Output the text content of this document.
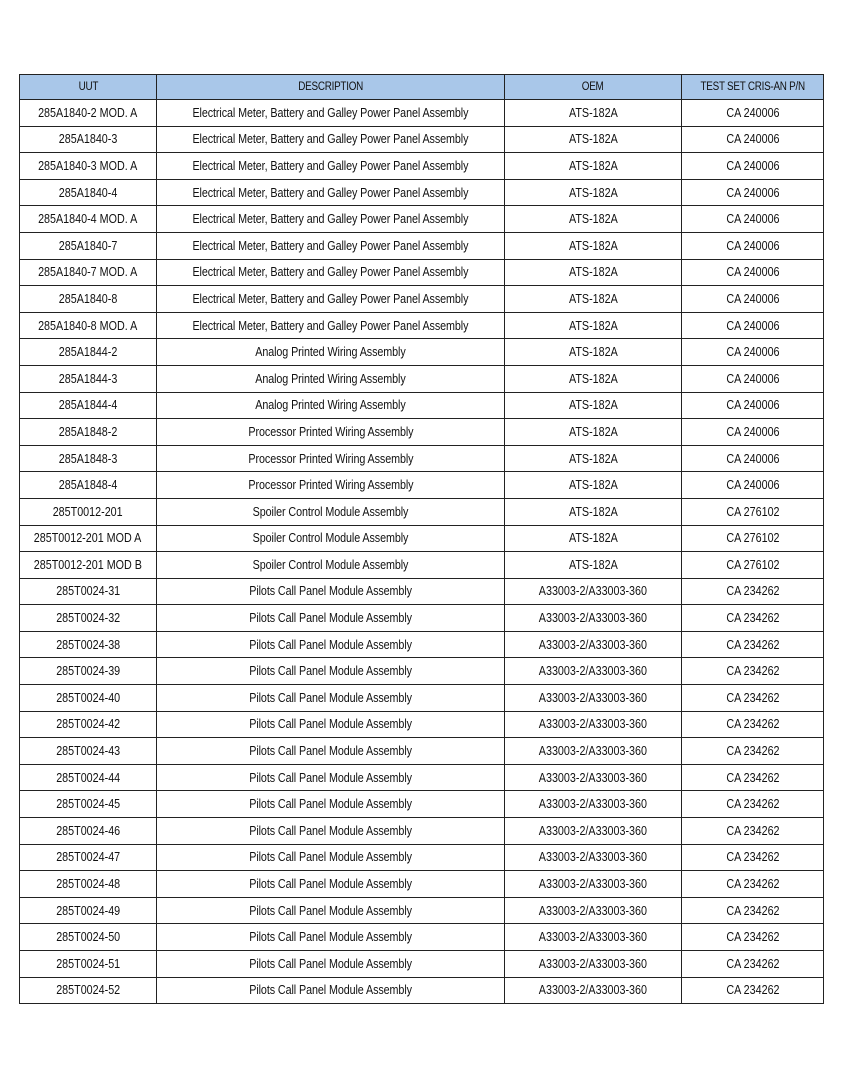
UUT	DESCRIPTION	OEM	TEST SET CRIS-AN P/N
285A1840-2 MOD. A	Electrical Meter, Battery and Galley Power Panel Assembly	ATS-182A	CA 240006
285A1840-3	Electrical Meter, Battery and Galley Power Panel Assembly	ATS-182A	CA 240006
285A1840-3 MOD. A	Electrical Meter, Battery and Galley Power Panel Assembly	ATS-182A	CA 240006
285A1840-4	Electrical Meter, Battery and Galley Power Panel Assembly	ATS-182A	CA 240006
285A1840-4 MOD. A	Electrical Meter, Battery and Galley Power Panel Assembly	ATS-182A	CA 240006
285A1840-7	Electrical Meter, Battery and Galley Power Panel Assembly	ATS-182A	CA 240006
285A1840-7 MOD. A	Electrical Meter, Battery and Galley Power Panel Assembly	ATS-182A	CA 240006
285A1840-8	Electrical Meter, Battery and Galley Power Panel Assembly	ATS-182A	CA 240006
285A1840-8 MOD. A	Electrical Meter, Battery and Galley Power Panel Assembly	ATS-182A	CA 240006
285A1844-2	Analog Printed Wiring Assembly	ATS-182A	CA 240006
285A1844-3	Analog Printed Wiring Assembly	ATS-182A	CA 240006
285A1844-4	Analog Printed Wiring Assembly	ATS-182A	CA 240006
285A1848-2	Processor Printed Wiring Assembly	ATS-182A	CA 240006
285A1848-3	Processor Printed Wiring Assembly	ATS-182A	CA 240006
285A1848-4	Processor Printed Wiring Assembly	ATS-182A	CA 240006
285T0012-201	Spoiler Control Module Assembly	ATS-182A	CA 276102
285T0012-201 MOD A	Spoiler Control Module Assembly	ATS-182A	CA 276102
285T0012-201 MOD B	Spoiler Control Module Assembly	ATS-182A	CA 276102
285T0024-31	Pilots Call Panel Module Assembly	A33003-2/A33003-360	CA 234262
285T0024-32	Pilots Call Panel Module Assembly	A33003-2/A33003-360	CA 234262
285T0024-38	Pilots Call Panel Module Assembly	A33003-2/A33003-360	CA 234262
285T0024-39	Pilots Call Panel Module Assembly	A33003-2/A33003-360	CA 234262
285T0024-40	Pilots Call Panel Module Assembly	A33003-2/A33003-360	CA 234262
285T0024-42	Pilots Call Panel Module Assembly	A33003-2/A33003-360	CA 234262
285T0024-43	Pilots Call Panel Module Assembly	A33003-2/A33003-360	CA 234262
285T0024-44	Pilots Call Panel Module Assembly	A33003-2/A33003-360	CA 234262
285T0024-45	Pilots Call Panel Module Assembly	A33003-2/A33003-360	CA 234262
285T0024-46	Pilots Call Panel Module Assembly	A33003-2/A33003-360	CA 234262
285T0024-47	Pilots Call Panel Module Assembly	A33003-2/A33003-360	CA 234262
285T0024-48	Pilots Call Panel Module Assembly	A33003-2/A33003-360	CA 234262
285T0024-49	Pilots Call Panel Module Assembly	A33003-2/A33003-360	CA 234262
285T0024-50	Pilots Call Panel Module Assembly	A33003-2/A33003-360	CA 234262
285T0024-51	Pilots Call Panel Module Assembly	A33003-2/A33003-360	CA 234262
285T0024-52	Pilots Call Panel Module Assembly	A33003-2/A33003-360	CA 234262
